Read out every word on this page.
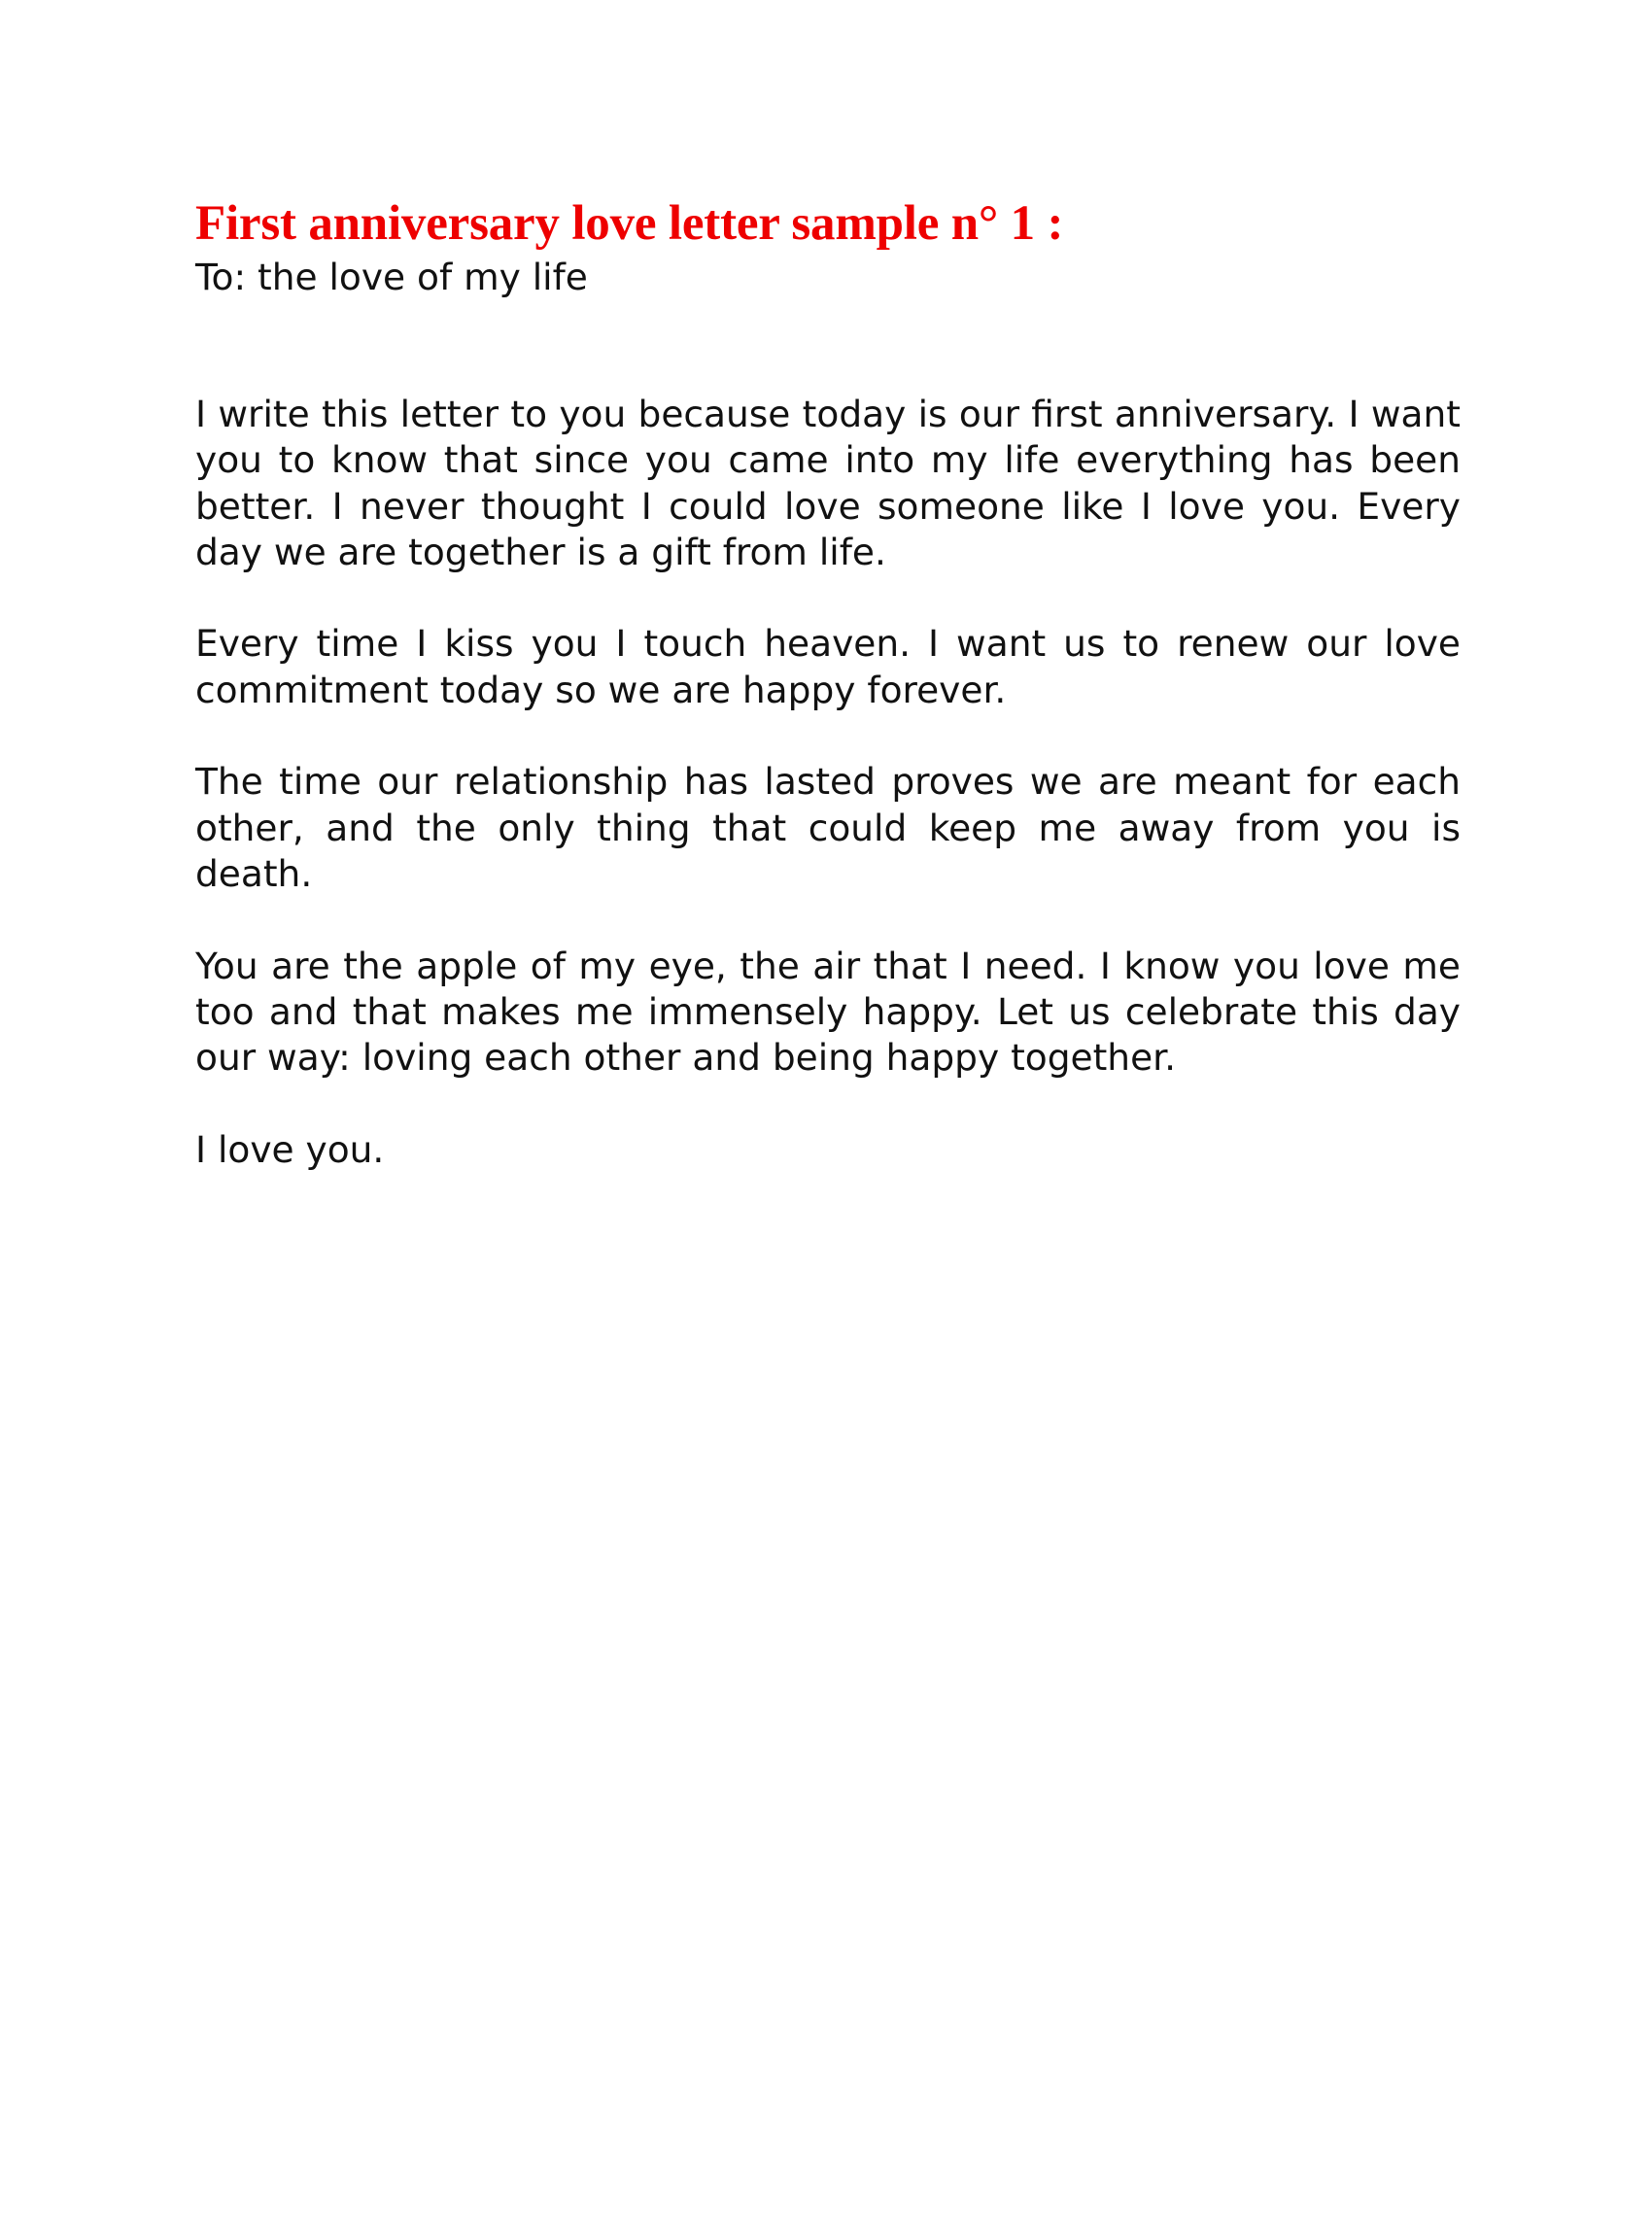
First anniversary love letter sample n° 1 :

To: the love of my life

I write this letter to you because today is our first anniversary. I want you to know that since you came into my life everything has been better. I never thought I could love someone like I love you. Every day we are together is a gift from life.

Every time I kiss you I touch heaven. I want us to renew our love commitment today so we are happy forever.

The time our relationship has lasted proves we are meant for each other, and the only thing that could keep me away from you is death.

You are the apple of my eye, the air that I need. I know you love me too and that makes me immensely happy. Let us celebrate this day our way: loving each other and being happy together.

I love you.
